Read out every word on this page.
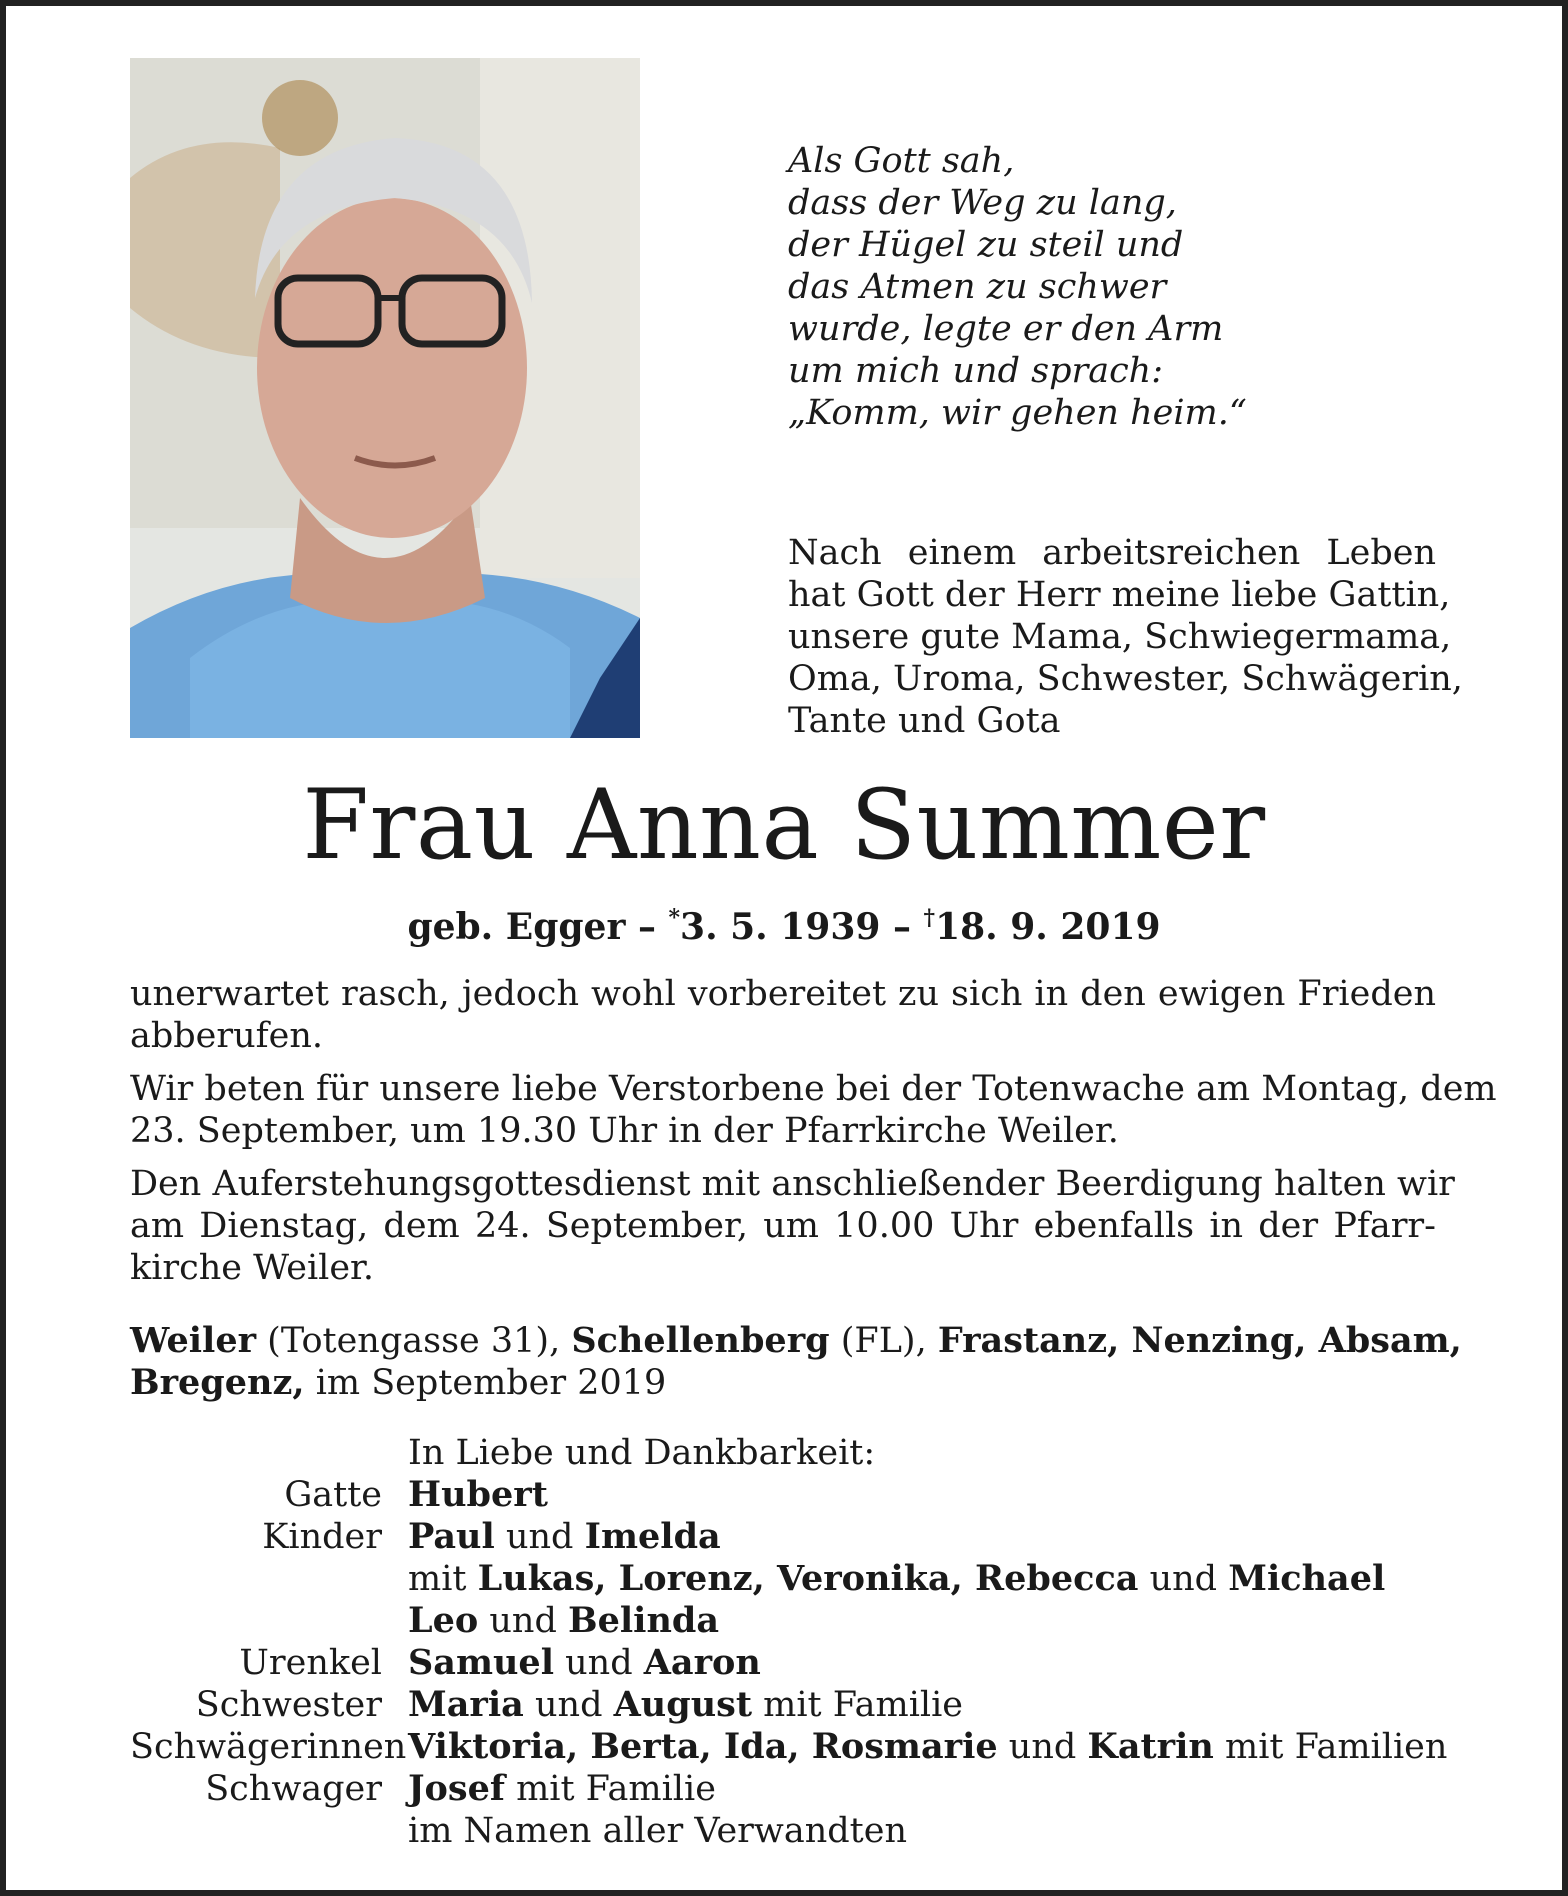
Als Gott sah,
dass der Weg zu lang,
der Hügel zu steil und
das Atmen zu schwer
wurde, legte er den Arm
um mich und sprach:
„Komm, wir gehen heim.“
Nach einem arbeitsreichen Leben
hat Gott der Herr meine liebe Gattin,
unsere gute Mama, Schwiegermama,
Oma, Uroma, Schwester, Schwägerin,
Tante und Gota
Frau Anna Summer
geb. Egger – *3. 5. 1939 – †18. 9. 2019

unerwartet rasch, jedoch wohl vorbereitet zu sich in den ewigen Frieden
abberufen.

Wir beten für unsere liebe Verstorbene bei der Totenwache am Montag, dem
23. September, um 19.30 Uhr in der Pfarrkirche Weiler.

Den Auferstehungsgottesdienst mit anschließender Beerdigung halten wir
am Dienstag, dem 24. September, um 10.00 Uhr ebenfalls in der Pfarr-
kirche Weiler.

Weiler (Totengasse 31), Schellenberg (FL), Frastanz, Nenzing, Absam,
Bregenz, im September 2019
In Liebe und Dankbarkeit:
Gatte Hubert
Kinder Paul und Imelda
mit Lukas, Lorenz, Veronika, Rebecca und Michael
Leo und Belinda
Urenkel Samuel und Aaron
Schwester Maria und August mit Familie
Schwägerinnen Viktoria, Berta, Ida, Rosmarie und Katrin mit Familien
Schwager Josef mit Familie
im Namen aller Verwandten
